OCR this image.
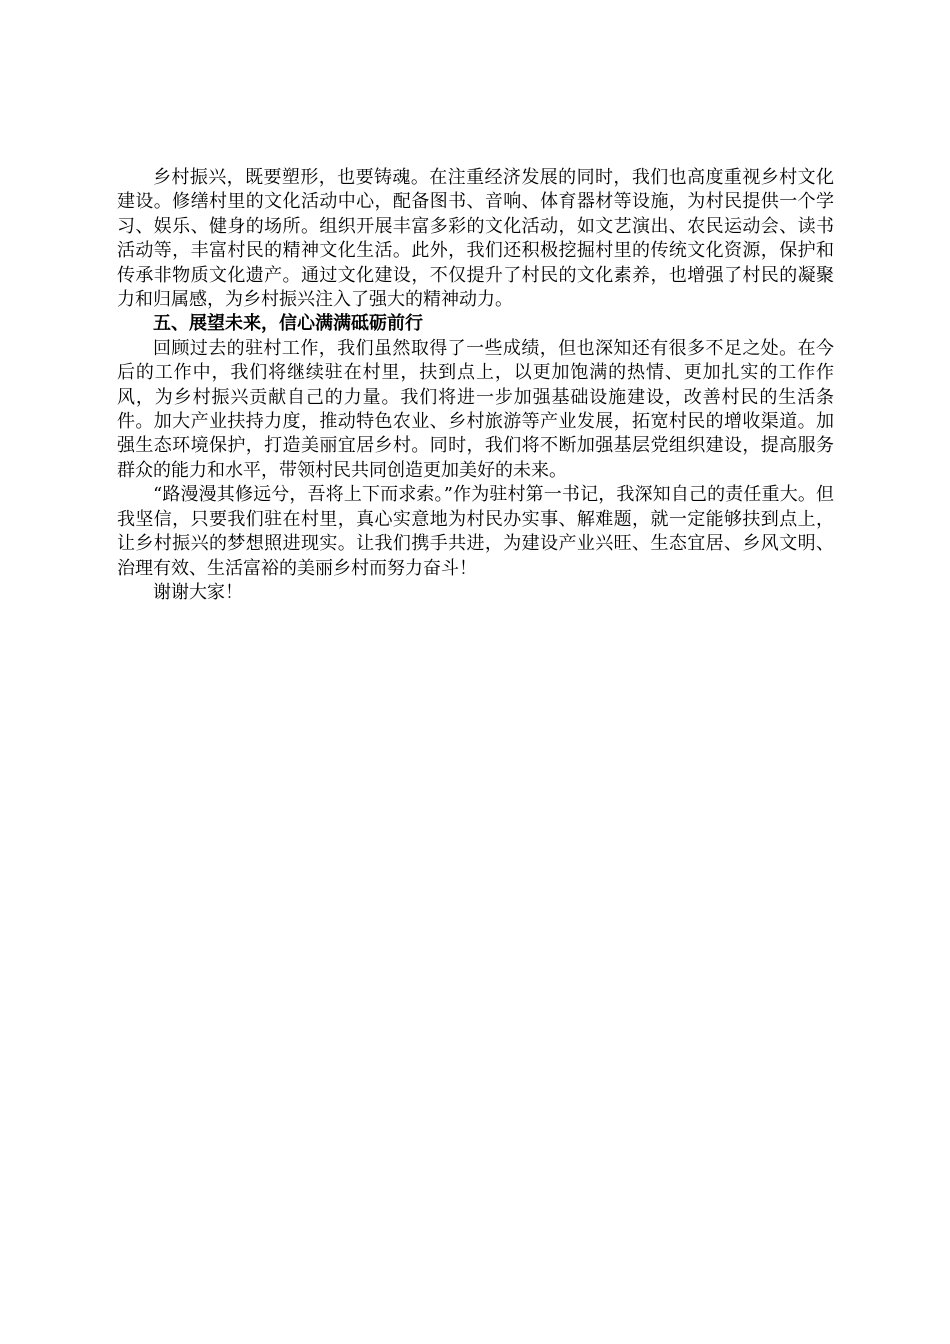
乡村振兴，既要塑形，也要铸魂。在注重经济发展的同时，我们也高度重视乡村文化建设。修缮村里的文化活动中心，配备图书、音响、体育器材等设施，为村民提供一个学习、娱乐、健身的场所。组织开展丰富多彩的文化活动，如文艺演出、农民运动会、读书活动等，丰富村民的精神文化生活。此外，我们还积极挖掘村里的传统文化资源，保护和传承非物质文化遗产。通过文化建设，不仅提升了村民的文化素养，也增强了村民的凝聚力和归属感，为乡村振兴注入了强大的精神动力。

五、展望未来，信心满满砥砺前行

回顾过去的驻村工作，我们虽然取得了一些成绩，但也深知还有很多不足之处。在今后的工作中，我们将继续驻在村里，扶到点上，以更加饱满的热情、更加扎实的工作作风，为乡村振兴贡献自己的力量。我们将进一步加强基础设施建设，改善村民的生活条件。加大产业扶持力度，推动特色农业、乡村旅游等产业发展，拓宽村民的增收渠道。加强生态环境保护，打造美丽宜居乡村。同时，我们将不断加强基层党组织建设，提高服务群众的能力和水平，带领村民共同创造更加美好的未来。

“路漫漫其修远兮，吾将上下而求索。”作为驻村第一书记，我深知自己的责任重大。但我坚信，只要我们驻在村里，真心实意地为村民办实事、解难题，就一定能够扶到点上，让乡村振兴的梦想照进现实。让我们携手共进，为建设产业兴旺、生态宜居、乡风文明、治理有效、生活富裕的美丽乡村而努力奋斗！

谢谢大家！
